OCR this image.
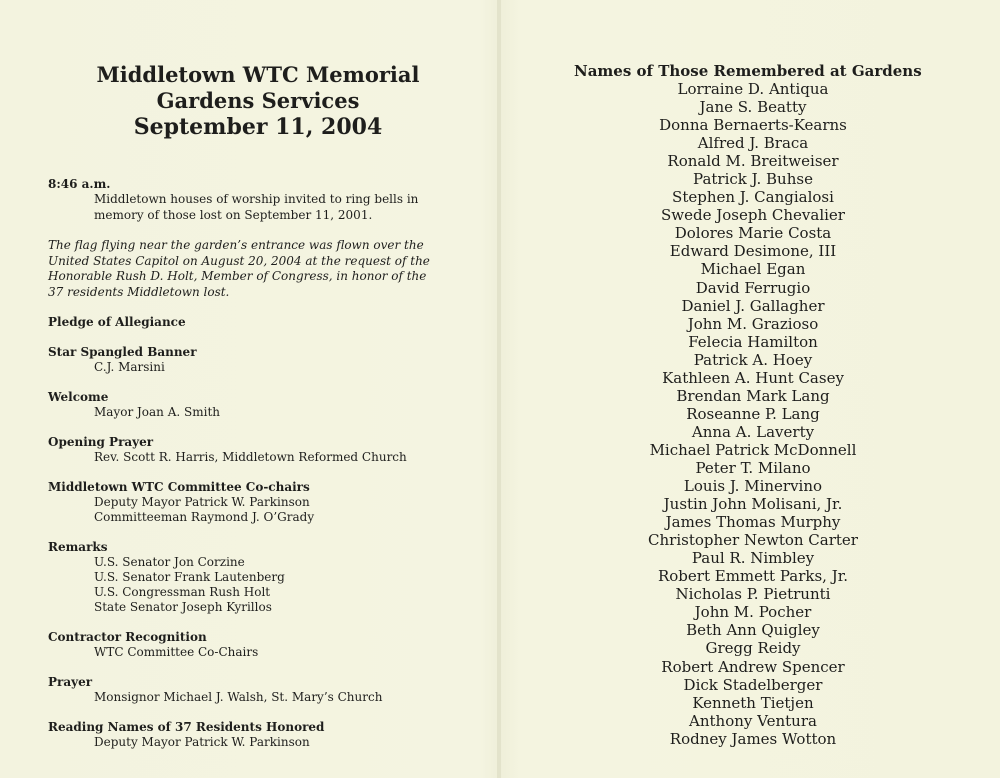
Middletown WTC Memorial
Gardens Services
September 11, 2004
8:46 a.m.
Middletown houses of worship invited to ring bells in memory of those lost on September 11, 2001.
The flag flying near the garden’s entrance was flown over the United States Capitol on August 20, 2004 at the request of the Honorable Rush D. Holt, Member of Congress, in honor of the 37 residents Middletown lost.
Pledge of Allegiance
Star Spangled Banner
C.J. Marsini
Welcome
Mayor Joan A. Smith
Opening Prayer
Rev. Scott R. Harris, Middletown Reformed Church
Middletown WTC Committee Co-chairs
Deputy Mayor Patrick W. Parkinson
Committeeman Raymond J. O’Grady
Remarks
U.S. Senator Jon Corzine
U.S. Senator Frank Lautenberg
U.S. Congressman Rush Holt
State Senator Joseph Kyrillos
Contractor Recognition
WTC Committee Co-Chairs
Prayer
Monsignor Michael J. Walsh, St. Mary’s Church
Reading Names of 37 Residents Honored
Deputy Mayor Patrick W. Parkinson
Names of Those Remembered at Gardens
Lorraine D. Antiqua
Jane S. Beatty
Donna Bernaerts-Kearns
Alfred J. Braca
Ronald M. Breitweiser
Patrick J. Buhse
Stephen J. Cangialosi
Swede Joseph Chevalier
Dolores Marie Costa
Edward Desimone, III
Michael Egan
David Ferrugio
Daniel J. Gallagher
John M. Grazioso
Felecia Hamilton
Patrick A. Hoey
Kathleen A. Hunt Casey
Brendan Mark Lang
Roseanne P. Lang
Anna A. Laverty
Michael Patrick McDonnell
Peter T. Milano
Louis J. Minervino
Justin John Molisani, Jr.
James Thomas Murphy
Christopher Newton Carter
Paul R. Nimbley
Robert Emmett Parks, Jr.
Nicholas P. Pietrunti
John M. Pocher
Beth Ann Quigley
Gregg Reidy
Robert Andrew Spencer
Dick Stadelberger
Kenneth Tietjen
Anthony Ventura
Rodney James Wotton
